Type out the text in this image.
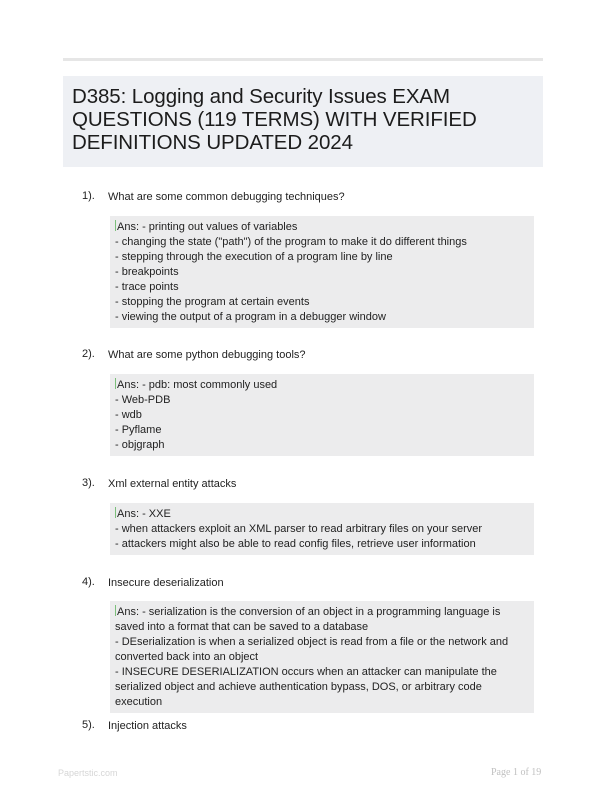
D385: Logging and Security Issues EXAM QUESTIONS (119 TERMS) WITH VERIFIED DEFINITIONS UPDATED 2024
1). What are some common debugging techniques?
Ans: - printing out values of variables
- changing the state ("path") of the program to make it do different things
- stepping through the execution of a program line by line
- breakpoints
- trace points
- stopping the program at certain events
- viewing the output of a program in a debugger window
2). What are some python debugging tools?
Ans: - pdb: most commonly used
- Web-PDB
- wdb
- Pyflame
- objgraph
3). Xml external entity attacks
Ans: - XXE
- when attackers exploit an XML parser to read arbitrary files on your server
- attackers might also be able to read config files, retrieve user information
4). Insecure deserialization
Ans: - serialization is the conversion of an object in a programming language is saved into a format that can be saved to a database
- DEserialization is when a serialized object is read from a file or the network and converted back into an object
- INSECURE DESERIALIZATION occurs when an attacker can manipulate the serialized object and achieve authentication bypass, DOS, or arbitrary code execution
5). Injection attacks
Papertstic.com	Page 1 of 19
